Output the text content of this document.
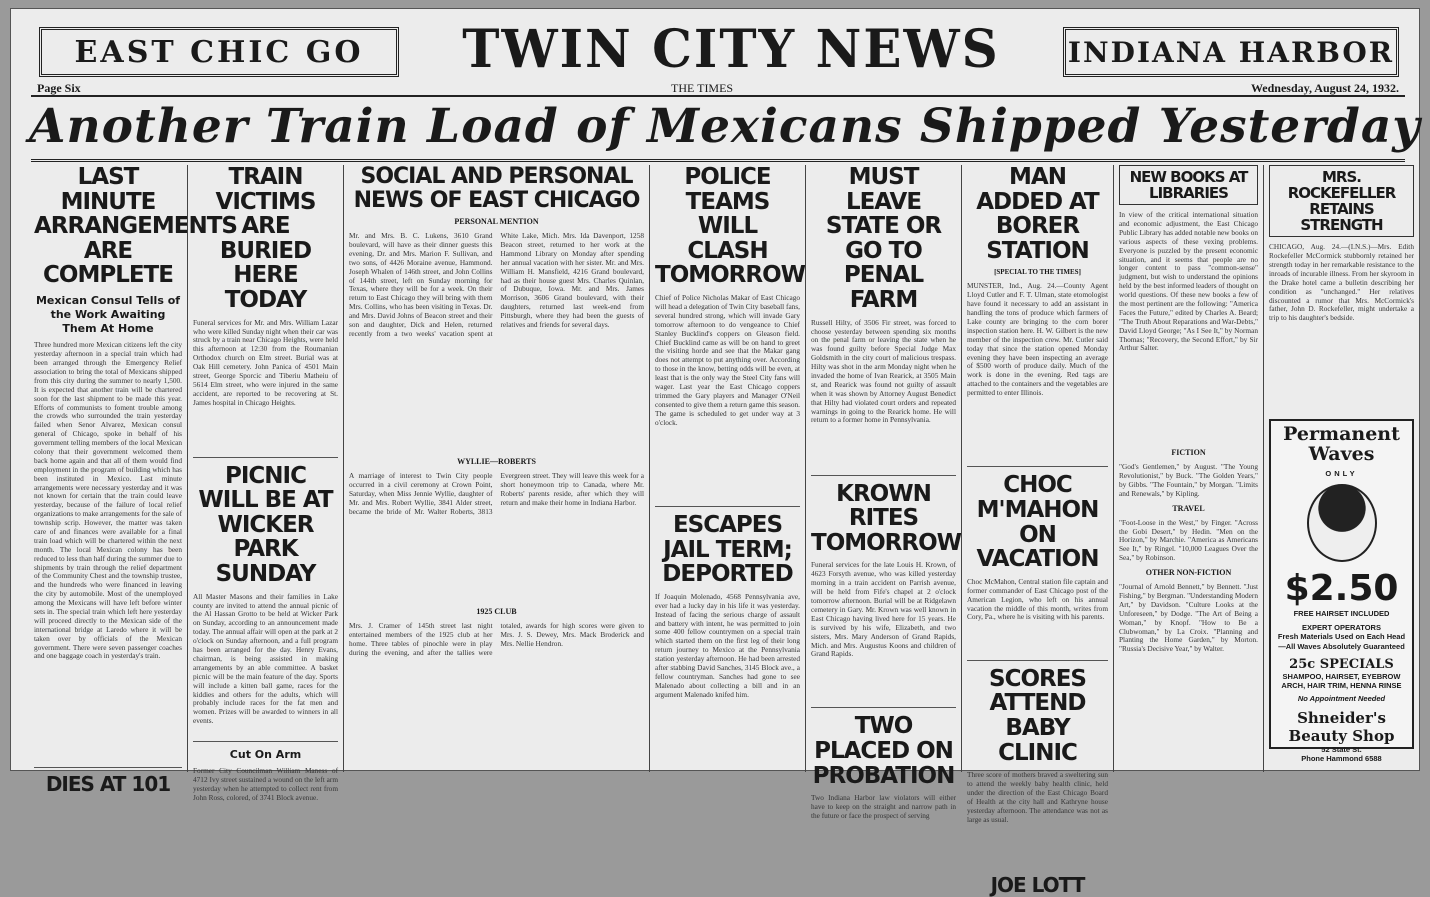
EAST CHIC GO	TWIN CITY NEWS	INDIANA HARBOR
Page Six	THE TIMES	Wednesday, August 24, 1932.
Another Train Load of Mexicans Shipped Yesterday
LAST MINUTE ARRANGEMENTS ARE COMPLETE
Mexican Consul Tells of the Work Awaiting Them At Home
Three hundred more Mexican citizens left the city yesterday afternoon in a special train which had been arranged through the Emergency Relief association to bring the total of Mexicans shipped from this city during the summer to nearly 1,500. It is expected that another train will be chartered soon for the last shipment to be made this year. Efforts of communists to foment trouble among the crowds who surrounded the train yesterday failed when Senor Alvarez, Mexican consul general of Chicago, spoke in behalf of his government telling members of the local Mexican colony that their government welcomed them back home again and that all of them would find employment in the program of building which has been instituted in Mexico. Last minute arrangements were necessary yesterday and it was not known for certain that the train could leave yesterday, because of the failure of local relief organizations to make arrangements for the sale of township scrip. However, the matter was taken care of and finances were available for a final train load which will be chartered within the next month. The local Mexican colony has been reduced to less than half during the summer due to shipments by train through the relief department of the Community Chest and the township trustee, and the hundreds who were financed in leaving the city by automobile. Most of the unemployed among the Mexicans will have left before winter sets in. The special train which left here yesterday will proceed directly to the Mexican side of the international bridge at Laredo where it will be taken over by officials of the Mexican government. There were seven passenger coaches and one baggage coach in yesterday's train.
DIES AT 101
TRAIN VICTIMS ARE BURIED HERE TODAY
Funeral services for Mr. and Mrs. William Lazar who were killed Sunday night when their car was struck by a train near Chicago Heights, were held this afternoon at 12:30 from the Roumanian Orthodox church on Elm street. Burial was at Oak Hill cemetery. John Panica of 4501 Main street, George Sporcic and Tiberiu Matheiu of 5614 Elm street, who were injured in the same accident, are reported to be recovering at St. James hospital in Chicago Heights.
PICNIC WILL BE AT WICKER PARK SUNDAY
All Master Masons and their families in Lake county are invited to attend the annual picnic of the Al Hassan Grotto to be held at Wicker Park on Sunday, according to an announcement made today. The annual affair will open at the park at 2 o'clock on Sunday afternoon, and a full program has been arranged for the day. Henry Evans, chairman, is being assisted in making arrangements by an able committee. A basket picnic will be the main feature of the day. Sports will include a kitten ball game, races for the kiddies and others for the adults, which will probably include races for the fat men and women. Prizes will be awarded to winners in all events.
Cut On Arm
Former City Councilman William Maness of 4712 Ivy street sustained a wound on the left arm yesterday when he attempted to collect rent from John Ross, colored, of 3741 Block avenue.
SOCIAL AND PERSONAL NEWS OF EAST CHICAGO
PERSONAL MENTION
Mr. and Mrs. B. C. Lukens, 3610 Grand boulevard, will have as their dinner guests this evening, Dr. and Mrs. Marion F. Sullivan, and two sons, of 4426 Moraine avenue, Hammond. Joseph Whalen of 146th street, and John Collins of 144th street, left on Sunday morning for Texas, where they will be for a week. On their return to East Chicago they will bring with them Mrs. Collins, who has been visiting in Texas. Dr. and Mrs. David Johns of Beacon street and their son and daughter, Dick and Helen, returned recently from a two weeks' vacation spent at White Lake, Mich. Mrs. Ida Davenport, 1258 Beacon street, returned to her work at the Hammond Library on Monday after spending her annual vacation with her sister. Mr. and Mrs. William H. Mansfield, 4216 Grand boulevard, had as their house guest Mrs. Charles Quinlan, of Dubuque, Iowa. Mr. and Mrs. James Morrison, 3606 Grand boulevard, with their daughters, returned last week-end from Pittsburgh, where they had been the guests of relatives and friends for several days.
WYLLIE—ROBERTS
A marriage of interest to Twin City people occurred in a civil ceremony at Crown Point, Saturday, when Miss Jennie Wyllie, daughter of Mr. and Mrs. Robert Wyllie, 3841 Alder street, became the bride of Mr. Walter Roberts, 3813 Evergreen street. They will leave this week for a short honeymoon trip to Canada, where Mr. Roberts' parents reside, after which they will return and make their home in Indiana Harbor.
1925 CLUB
Mrs. J. Cramer of 145th street last night entertained members of the 1925 club at her home. Three tables of pinochle were in play during the evening, and after the tallies were totaled, awards for high scores were given to Mrs. J. S. Dewey, Mrs. Mack Broderick and Mrs. Nellie Hendron.
POLICE TEAMS WILL CLASH TOMORROW
Chief of Police Nicholas Makar of East Chicago will head a delegation of Twin City baseball fans, several hundred strong, which will invade Gary tomorrow afternoon to do vengeance to Chief Stanley Bucklind's coppers on Gleason field. Chief Bucklind came as will be on hand to greet the visiting horde and see that the Makar gang does not attempt to put anything over. According to those in the know, betting odds will be even, at least that is the only way the Steel City fans will wager. Last year the East Chicago coppers trimmed the Gary players and Manager O'Neil consented to give them a return game this season. The game is scheduled to get under way at 3 o'clock.
ESCAPES JAIL TERM; DEPORTED
If Joaquin Molenado, 4568 Pennsylvania ave, ever had a lucky day in his life it was yesterday. Instead of facing the serious charge of assault and battery with intent, he was permitted to join some 400 fellow countrymen on a special train which started them on the first leg of their long return journey to Mexico at the Pennsylvania station yesterday afternoon. He had been arrested after stabbing David Sanches, 3145 Block ave., a fellow countryman. Sanches had gone to see Malenado about collecting a bill and in an argument Malenado knifed him.
MUST LEAVE STATE OR GO TO PENAL FARM
Russell Hilty, of 3506 Fir street, was forced to choose yesterday between spending six months on the penal farm or leaving the state when he was found guilty before Special Judge Max Goldsmith in the city court of malicious trespass. Hilty was shot in the arm Monday night when he invaded the home of Ivan Rearick, at 3505 Main st, and Rearick was found not guilty of assault when it was shown by Attorney August Benedict that Hilty had violated court orders and repeated warnings in going to the Rearick home. He will return to a former home in Pennsylvania.
KROWN RITES TOMORROW
Funeral services for the late Louis H. Krown, of 4623 Forsyth avenue, who was killed yesterday morning in a train accident on Parrish avenue, will be held from Fife's chapel at 2 o'clock tomorrow afternoon. Burial will be at Ridgelawn cemetery in Gary. Mr. Krown was well known in East Chicago having lived here for 15 years. He is survived by his wife, Elizabeth, and two sisters, Mrs. Mary Anderson of Grand Rapids, Mich. and Mrs. Augustus Koons and children of Grand Rapids.
TWO PLACED ON PROBATION
Two Indiana Harbor law violators will either have to keep on the straight and narrow path in the future or face the prospect of serving
MAN ADDED AT BORER STATION
[SPECIAL TO THE TIMES]
MUNSTER, Ind., Aug. 24.—County Agent Lloyd Cutler and F. T. Ulman, state etomologist have found it necessary to add an assistant in handling the tons of produce which farmers of Lake county are bringing to the corn borer inspection station here. H. W. Gilbert is the new member of the inspection crew. Mr. Cutler said today that since the station opened Monday evening they have been inspecting an average of $500 worth of produce daily. Much of the work is done in the evening. Red tags are attached to the containers and the vegetables are permitted to enter Illinois.
CHOC M'MAHON ON VACATION
Choc McMahon, Central station file captain and former commander of East Chicago post of the American Legion, who left on his annual vacation the middle of this month, writes from Cory, Pa., where he is visiting with his parents.
SCORES ATTEND BABY CLINIC
Three score of mothers braved a sweltering sun to attend the weekly baby health clinic, held under the direction of the East Chicago Board of Health at the city hall and Kathryne house yesterday afternoon. The attendance was not as large as usual.
JOE LOTT
NEW BOOKS AT LIBRARIES
In view of the critical international situation and economic adjustment, the East Chicago Public Library has added notable new books on various aspects of these vexing problems. Everyone is puzzled by the present economic situation, and it seems that people are no longer content to pass "common-sense" judgment, but wish to understand the opinions held by the best informed leaders of thought on world questions. Of these new books a few of the most pertinent are the following: "America Faces the Future," edited by Charles A. Beard; "The Truth About Reparations and War-Debts," David Lloyd George; "As I See It," by Norman Thomas; "Recovery, the Second Effort," by Sir Arthur Salter.
FICTION
"God's Gentlemen," by August. "The Young Revolutionist," by Buck. "The Golden Years," by Gibbs. "The Fountain," by Morgan. "Limits and Renewals," by Kipling.
TRAVEL
"Foot-Loose in the West," by Finger. "Across the Gobi Desert," by Hedin. "Men on the Horizon," by Marchie. "America as Americans See It," by Ringel. "10,000 Leagues Over the Sea," by Robinson.
OTHER NON-FICTION
"Journal of Arnold Bennett," by Bennett. "Just Fishing," by Bergman. "Understanding Modern Art," by Davidson. "Culture Looks at the Unforeseen," by Dodge. "The Art of Being a Woman," by Knopf. "How to Be a Clubwoman," by La Croix. "Planning and Planting the Home Garden," by Morton. "Russia's Decisive Year," by Walter.
MRS. ROCKEFELLER RETAINS STRENGTH
CHICAGO, Aug. 24.—(I.N.S.)—Mrs. Edith Rockefeller McCormick stubbornly retained her strength today in her remarkable resistance to the inroads of incurable illness. From her skyroom in the Drake hotel came a bulletin describing her condition as "unchanged." Her relatives discounted a rumor that Mrs. McCormick's father, John D. Rockefeller, might undertake a trip to his daughter's bedside.
Permanent Waves
ONLY
$2.50
FREE HAIRSET INCLUDED
EXPERT OPERATORS
Fresh Materials Used on Each Head—All Waves Absolutely Guaranteed
25c SPECIALS
SHAMPOO, HAIRSET, EYEBROW ARCH, HAIR TRIM, HENNA RINSE
No Appointment Needed
Shneider's Beauty Shop
52 State St.
Phone Hammond 6588
